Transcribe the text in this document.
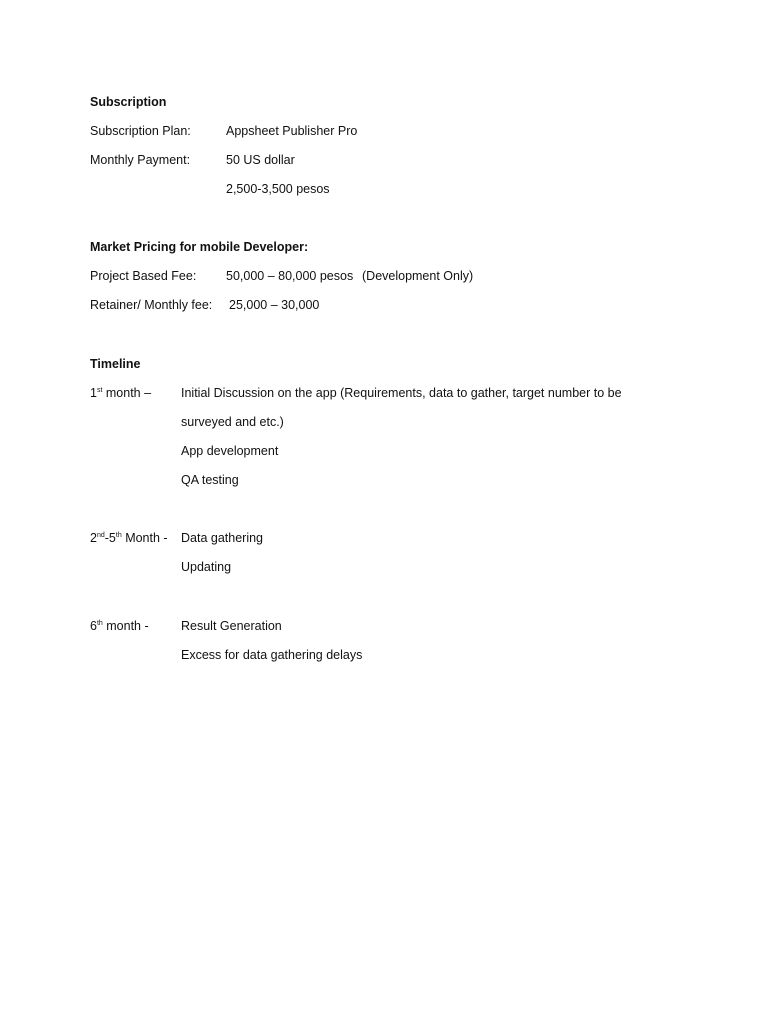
Subscription
Subscription Plan:	Appsheet Publisher Pro
Monthly Payment:	50 US dollar
2,500-3,500 pesos
Market Pricing for mobile Developer:
Project Based Fee: 50,000 – 80,000 pesos (Development Only)
Retainer/ Monthly fee: 25,000 – 30,000
Timeline
1st month – Initial Discussion on the app (Requirements, data to gather, target number to be
surveyed and etc.)
App development
QA testing
2nd-5th Month - Data gathering
Updating
6th month -	Result Generation
Excess for data gathering delays
